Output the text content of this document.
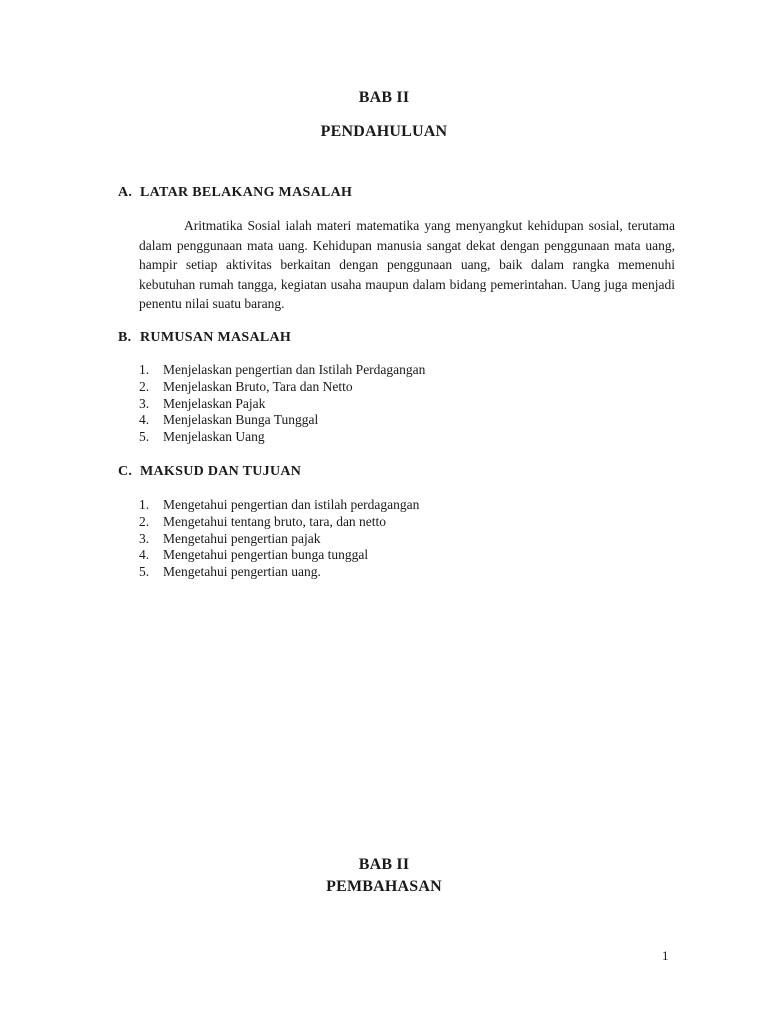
BAB II
PENDAHULUAN
A. LATAR BELAKANG MASALAH

Aritmatika Sosial ialah materi matematika yang menyangkut kehidupan sosial, terutama dalam penggunaan mata uang. Kehidupan manusia sangat dekat dengan penggunaan mata uang, hampir setiap aktivitas berkaitan dengan penggunaan uang, baik dalam rangka memenuhi kebutuhan rumah tangga, kegiatan usaha maupun dalam bidang pemerintahan. Uang juga menjadi penentu nilai suatu barang.

B. RUMUSAN MASALAH
1. Menjelaskan pengertian dan Istilah Perdagangan
2. Menjelaskan Bruto, Tara dan Netto
3. Menjelaskan Pajak
4. Menjelaskan Bunga Tunggal
5. Menjelaskan Uang
C. MAKSUD DAN TUJUAN
1. Mengetahui pengertian dan istilah perdagangan
2. Mengetahui tentang bruto, tara, dan netto
3. Mengetahui pengertian pajak
4. Mengetahui pengertian bunga tunggal
5. Mengetahui pengertian uang.
BAB II
PEMBAHASAN
1
